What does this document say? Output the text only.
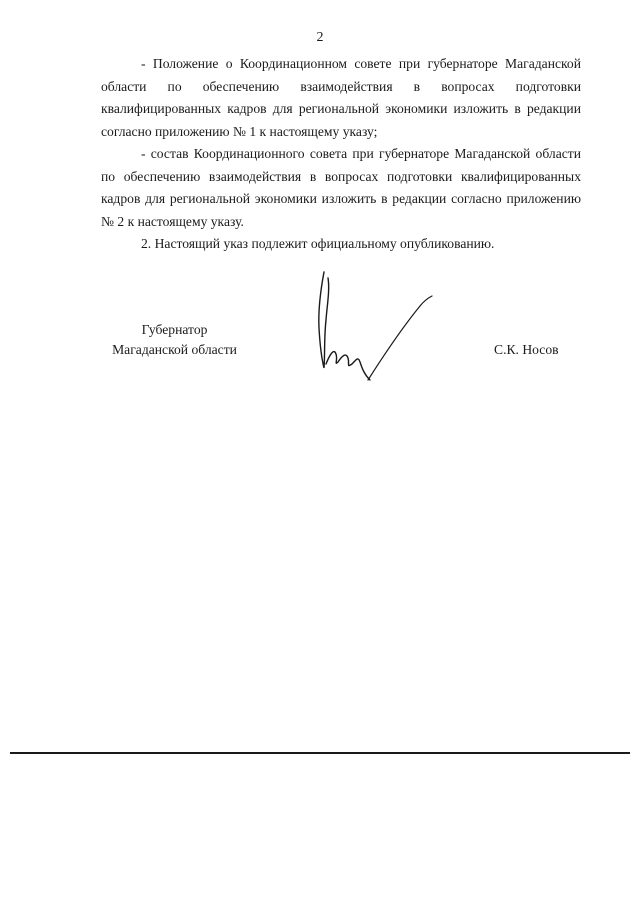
2

- Положение о Координационном совете при губернаторе Магаданской области по обеспечению взаимодействия в вопросах подготовки квалифицированных кадров для региональной экономики изложить в редакции согласно приложению № 1 к настоящему указу;

- состав Координационного совета при губернаторе Магаданской области по обеспечению взаимодействия в вопросах подготовки квалифицированных кадров для региональной экономики изложить в редакции согласно приложению № 2 к настоящему указу.

2. Настоящий указ подлежит официальному опубликованию.

Губернатор
Магаданской области	С.К. Носов
